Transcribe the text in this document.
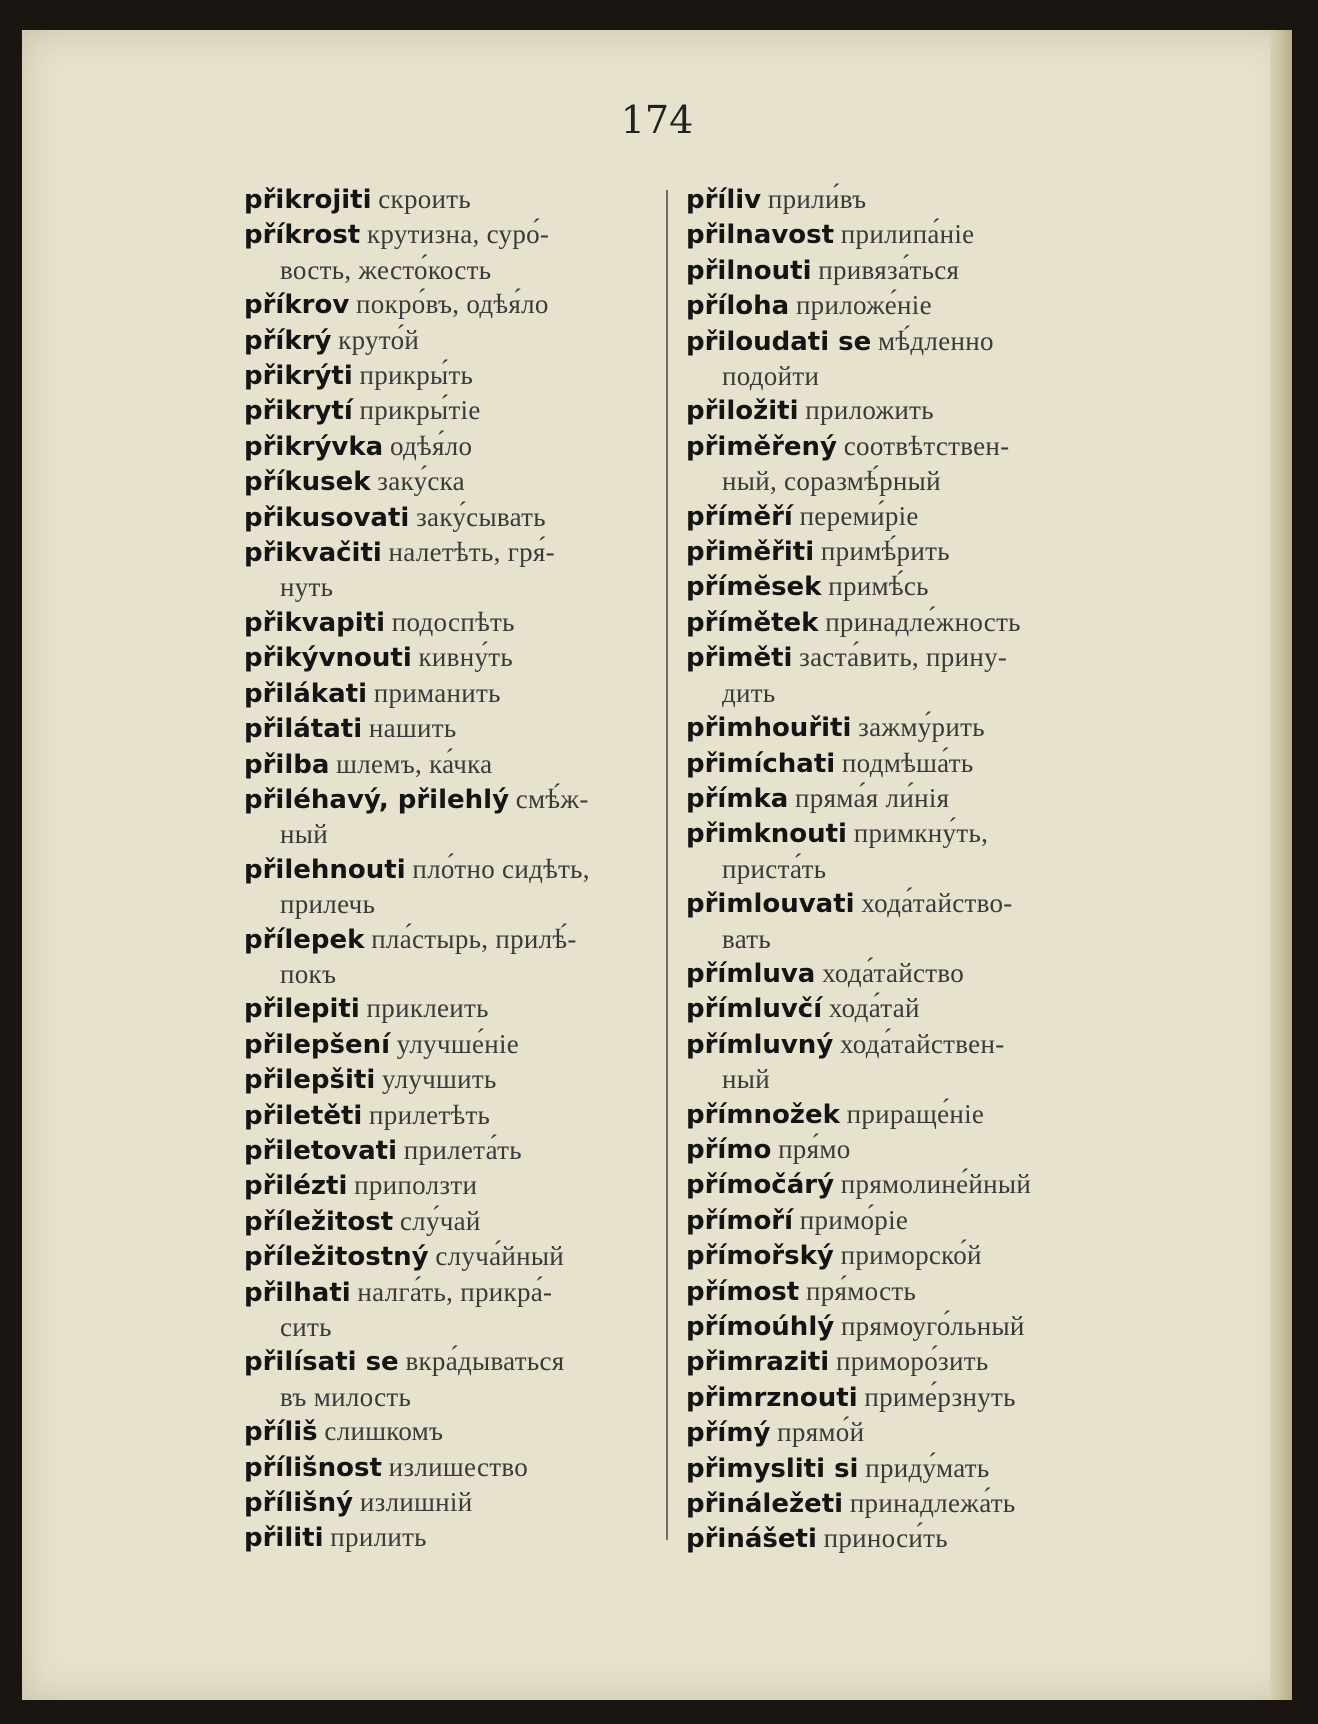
174
přikrojiti скроить
příkrost крутизна, суро́-
вость, жесто́кость
příkrov покро́въ, одѣя́ло
příkrý круто́й
přikrýti прикры́ть
přikrytí прикры́тіе
přikrývka одѣя́ло
příkusek заку́ска
přikusovati заку́сывать
přikvačiti налетѣть, гря́-
нуть
přikvapiti подоспѣть
přikývnouti кивну́ть
přilákati приманить
přilátati нашить
přilba шлемъ, ка́чка
přiléhavý, přilehlý смѣ́ж-
ный
přilehnouti пло́тно сидѣть,
прилечь
přílepek пла́стырь, прилѣ́-
покъ
přilepiti приклеить
přilepšení улучше́ніе
přilepšiti улучшить
přiletěti прилетѣть
přiletovati прилета́ть
přilézti приползти
příležitost слу́чай
příležitostný случа́йный
přilhati налга́ть, прикра́-
сить
přilísati se вкра́дываться
въ милость
příliš слишкомъ
přílišnost излишество
přílišný излишній
přiliti прилить
příliv прили́въ
přilnavost прилипа́ніе
přilnouti привяза́ться
příloha приложе́ніе
přiloudati se мѣ́дленно
подойти
přiložiti приложить
přiměřený соотвѣтствен-
ный, соразмѣ́рный
příměří переми́ріе
přiměřiti примѣ́рить
přímĕsek примѣ́сь
přímětek принадле́жность
přiměti заста́вить, прину-
дить
přimhouřiti зажму́рить
přimíchati подмѣша́ть
přímka пряма́я ли́нія
přimknouti примкну́ть,
приста́ть
přimlouvati хода́тайство-
вать
přímluva хода́тайство
přímluvčí хода́тай
přímluvný хода́тайствен-
ный
přímnožek прираще́ніе
přímo пря́мо
přímočárý прямолине́йный
přímoří примо́ріе
přímořský приморско́й
přímost пря́мость
přímoúhlý прямоуго́льный
přimraziti приморо́зить
přimrznouti приме́рзнуть
přímý прямо́й
přimysliti si приду́мать
přináležeti принадлежа́ть
přinášeti приноси́ть
